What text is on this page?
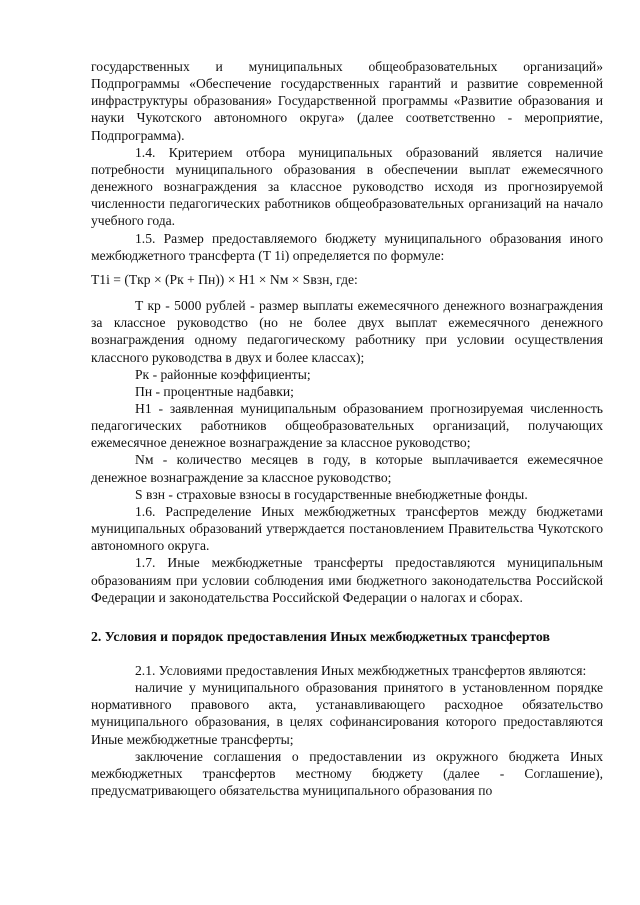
государственных и муниципальных общеобразовательных организаций» Подпрограммы «Обеспечение государственных гарантий и развитие современной инфраструктуры образования» Государственной программы «Развитие образования и науки Чукотского автономного округа» (далее соответственно - мероприятие, Подпрограмма).

1.4. Критерием отбора муниципальных образований является наличие потребности муниципального образования в обеспечении выплат ежемесячного денежного вознаграждения за классное руководство исходя из прогнозируемой численности педагогических работников общеобразовательных организаций на начало учебного года.

1.5. Размер предоставляемого бюджету муниципального образования иного межбюджетного трансферта (T 1i) определяется по формуле:

T1i = (Tкр × (Pк + Пн)) × H1 × Nм × Sвзн, где:

T кр - 5000 рублей - размер выплаты ежемесячного денежного вознаграждения за классное руководство (но не более двух выплат ежемесячного денежного вознаграждения одному педагогическому работнику при условии осуществления классного руководства в двух и более классах);

Pк - районные коэффициенты;

Пн - процентные надбавки;

H1 - заявленная муниципальным образованием прогнозируемая численность педагогических работников общеобразовательных организаций, получающих ежемесячное денежное вознаграждение за классное руководство;

Nм - количество месяцев в году, в которые выплачивается ежемесячное денежное вознаграждение за классное руководство;

S взн - страховые взносы в государственные внебюджетные фонды.

1.6. Распределение Иных межбюджетных трансфертов между бюджетами муниципальных образований утверждается постановлением Правительства Чукотского автономного округа.

1.7. Иные межбюджетные трансферты предоставляются муниципальным образованиям при условии соблюдения ими бюджетного законодательства Российской Федерации и законодательства Российской Федерации о налогах и сборах.

2. Условия и порядок предоставления Иных межбюджетных трансфертов

2.1. Условиями предоставления Иных межбюджетных трансфертов являются:

наличие у муниципального образования принятого в установленном порядке нормативного правового акта, устанавливающего расходное обязательство муниципального образования, в целях софинансирования которого предоставляются Иные межбюджетные трансферты;

заключение соглашения о предоставлении из окружного бюджета Иных межбюджетных трансфертов местному бюджету (далее - Соглашение), предусматривающего обязательства муниципального образования по
